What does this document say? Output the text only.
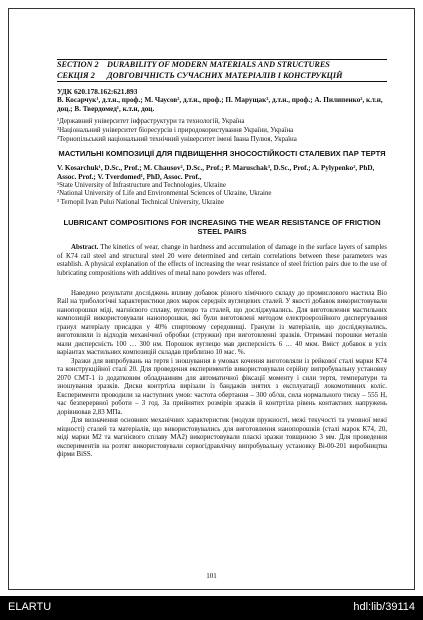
SECTION 2 DURABILITY OF MODERN MATERIALS AND STRUCTURES
СЕКЦІЯ 2 ДОВГОВІЧНІСТЬ СУЧАСНИХ МАТЕРІАЛІВ І КОНСТРУКЦІЙ
УДК 620.178.162:621.893
В. Косарчук¹, д.т.н., проф.; М. Чаусов², д.т.н., проф.; П. Марущак³, д.т.н., проф.; А. Пилипенко², к.т.н, доц.; В. Твердомед¹, к.т.н, доц.
¹Державний університет інфраструктури та технологій, Україна
²Національний університет біоресурсів і природокористування України, Україна
³Тернопільський національний технічний університет імені Івана Пулюя, Україна
МАСТИЛЬНІ КОМПОЗИЦІЇ ДЛЯ ПІДВИЩЕННЯ ЗНОСОСТІЙКОСТІ СТАЛЕВИХ ПАР ТЕРТЯ
V. Kosarchuk¹, D.Sc., Prof.; M. Chausov², D.Sc., Prof.; P. Maruschak³, D.Sc., Prof.; A. Pylypenko², PhD, Assoc. Prof.; V. Tverdomed¹, PhD, Assoc. Prof.,
¹State University of Infrastructure and Technologies, Ukraine
²National University of Life and Environmental Sciences of Ukraine, Ukraine
³ Ternopil Ivan Pului National Technical University, Ukraine
LUBRICANT COMPOSITIONS FOR INCREASING THE WEAR RESISTANCE OF FRICTION STEEL PAIRS

Abstract. The kinetics of wear, change in hardness and accumulation of damage in the surface layers of samples of K74 rail steel and structural steel 20 were determined and certain correlations between these parameters was establish. A physical explanation of the effects of increasing the wear resistance of steel friction pairs due to the use of lubricating compositions with additives of metal nano powders was offered.

Наведено результати досліджень впливу добавок різного хімічного складу до промислового мастила Bio Rail на трибологічні характеристики двох марок середніх вуглецевих сталей. У якості добавок використовували нанопорошки міді, магнієвого сплаву, вуглецю та сталей, що досліджувались. Для виготовлення мастильних композицій використовували нанопорошки, які були виготовлені методом електроерозійного диспергування гранул матеріалу присадки у 40% спиртовому середовищі. Гранули із матеріалів, що досліджувались, виготовляли із відходів механічної обробки (стружки) при виготовленні зразків. Отримані порошки металів мали дисперсність 100 … 300 нм. Порошок вуглецю мав дисперсність 6 … 40 мкм. Вміст добавок в усіх варіантах мастильних композицій складав приблизно 10 мас. %.

Зразки для випробувань на тертя і зношування в умовах кочення виготовляли із рейкової сталі марки К74 та конструкційної сталі 20. Для проведення експериментів використовували серійну випробувальну установку 2070 СМТ-1 із додатковим обладнанням для автоматичної фіксації моменту і сили тертя, температури та зношування зразків. Диски контртіла вирізали із бандажів знятих з експлуатації локомотивних коліс. Експерименти проводили за наступних умов: частота обертання – 300 об/хв, сила нормального тиску – 555 Н, час безперервної роботи – 3 год. За прийнятих розмірів зразків й контртіла рівень контактних напружень дорівнював 2,83 МПа.

Для визначення основних механічних характеристик (модуля пружності, межі текучості та умовної межі міцності) сталей та матеріалів, що використовувались для виготовлення нанопорошків (сталі марок К74, 20, міді марки М2 та магнієвого сплаву МА2) використовували пласкі зразки товщиною 3 мм. Для проведення експериментів на розтяг використовували сервогідравлічну випробувальну установку Bi-00-201 виробництва фірми BiSS.

101
ELARTU	hdl:lib/39114
